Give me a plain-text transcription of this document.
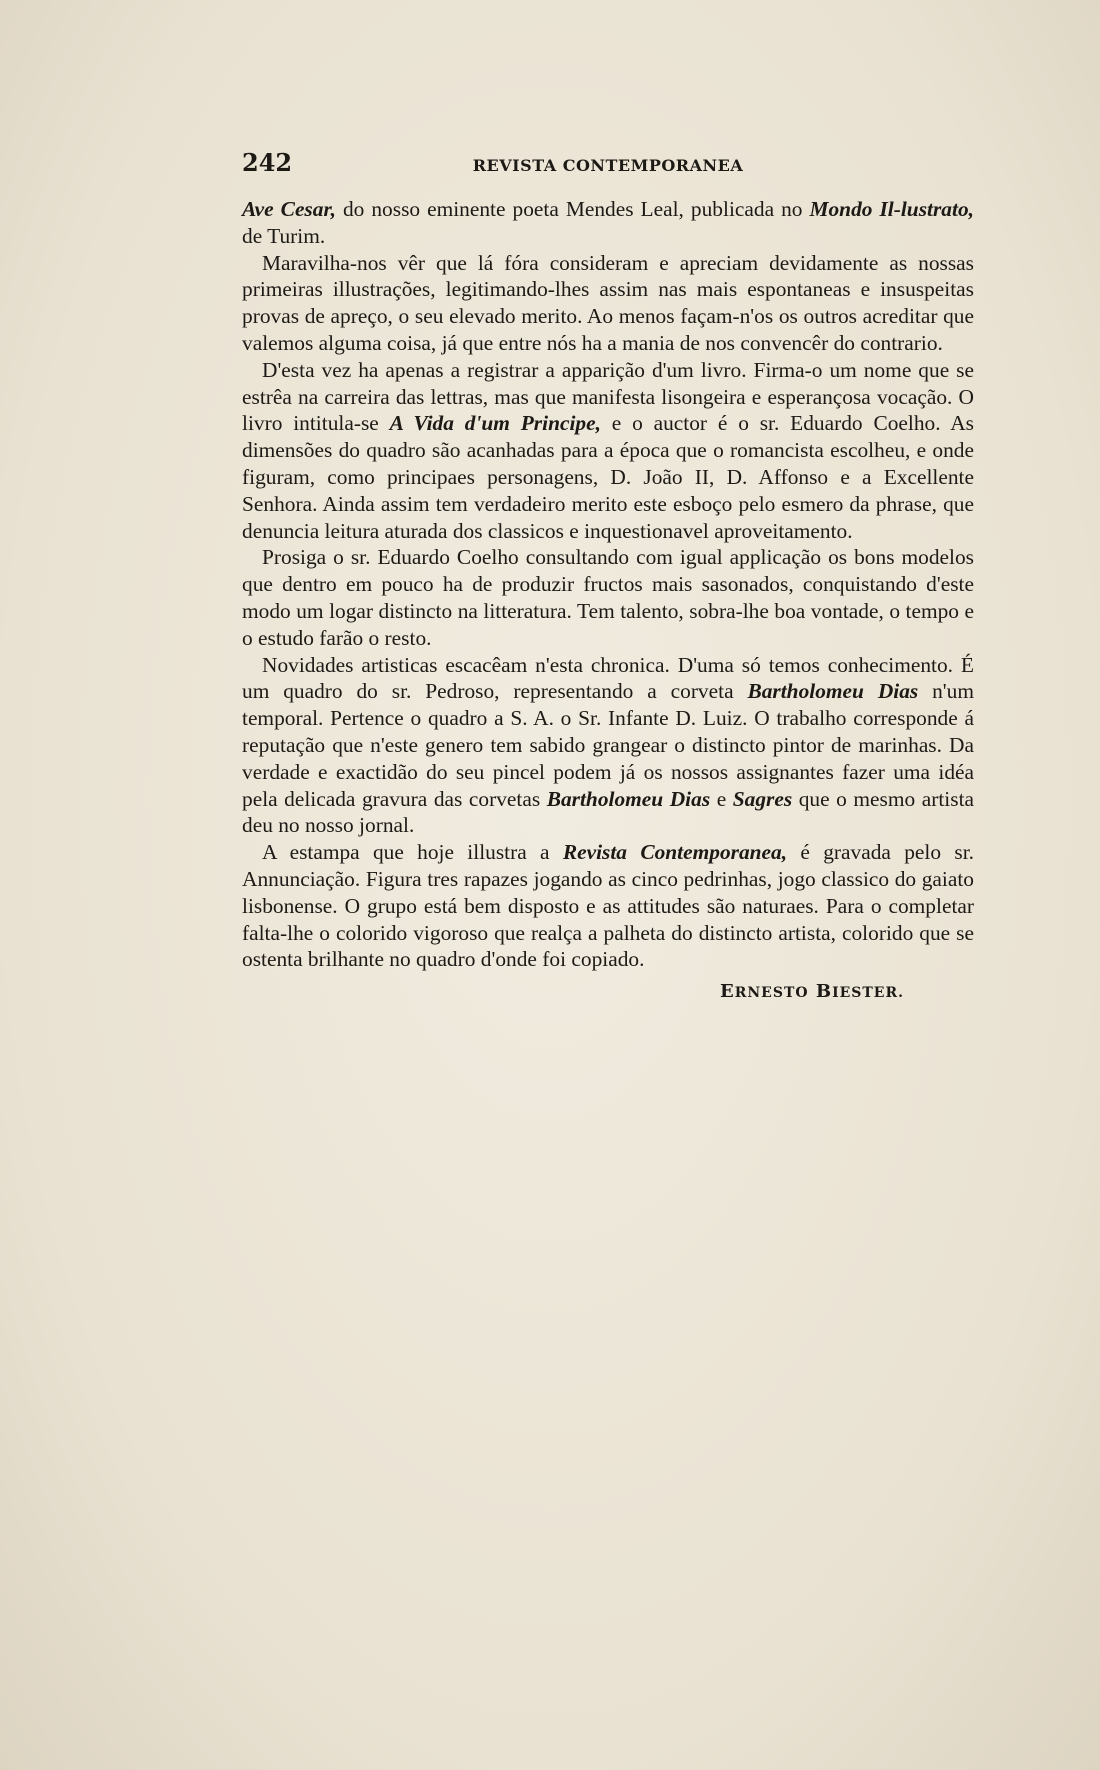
242	REVISTA CONTEMPORANEA

Ave Cesar, do nosso eminente poeta Mendes Leal, publicada no Mondo Il-lustrato, de Turim.

Maravilha-nos vêr que lá fóra consideram e apreciam devidamente as nossas primeiras illustrações, legitimando-lhes assim nas mais espontaneas e insuspeitas provas de apreço, o seu elevado merito. Ao menos façam-n'os os outros acreditar que valemos alguma coisa, já que entre nós ha a mania de nos convencêr do contrario.

D'esta vez ha apenas a registrar a apparição d'um livro. Firma-o um nome que se estrêa na carreira das lettras, mas que manifesta lisongeira e esperançosa vocação. O livro intitula-se A Vida d'um Principe, e o auctor é o sr. Eduardo Coelho. As dimensões do quadro são acanhadas para a época que o romancista escolheu, e onde figuram, como principaes personagens, D. João II, D. Affonso e a Excellente Senhora. Ainda assim tem verdadeiro merito este esboço pelo esmero da phrase, que denuncia leitura aturada dos classicos e inquestionavel aproveitamento.

Prosiga o sr. Eduardo Coelho consultando com igual applicação os bons modelos que dentro em pouco ha de produzir fructos mais sasonados, conquistando d'este modo um logar distincto na litteratura. Tem talento, sobra-lhe boa vontade, o tempo e o estudo farão o resto.

Novidades artisticas escacêam n'esta chronica. D'uma só temos conhecimento. É um quadro do sr. Pedroso, representando a corveta Bartholomeu Dias n'um temporal. Pertence o quadro a S. A. o Sr. Infante D. Luiz. O trabalho corresponde á reputação que n'este genero tem sabido grangear o distincto pintor de marinhas. Da verdade e exactidão do seu pincel podem já os nossos assignantes fazer uma idéa pela delicada gravura das corvetas Bartholomeu Dias e Sagres que o mesmo artista deu no nosso jornal.

A estampa que hoje illustra a Revista Contemporanea, é gravada pelo sr. Annunciação. Figura tres rapazes jogando as cinco pedrinhas, jogo classico do gaiato lisbonense. O grupo está bem disposto e as attitudes são naturaes. Para o completar falta-lhe o colorido vigoroso que realça a palheta do distincto artista, colorido que se ostenta brilhante no quadro d'onde foi copiado.

ERNESTO BIESTER.
